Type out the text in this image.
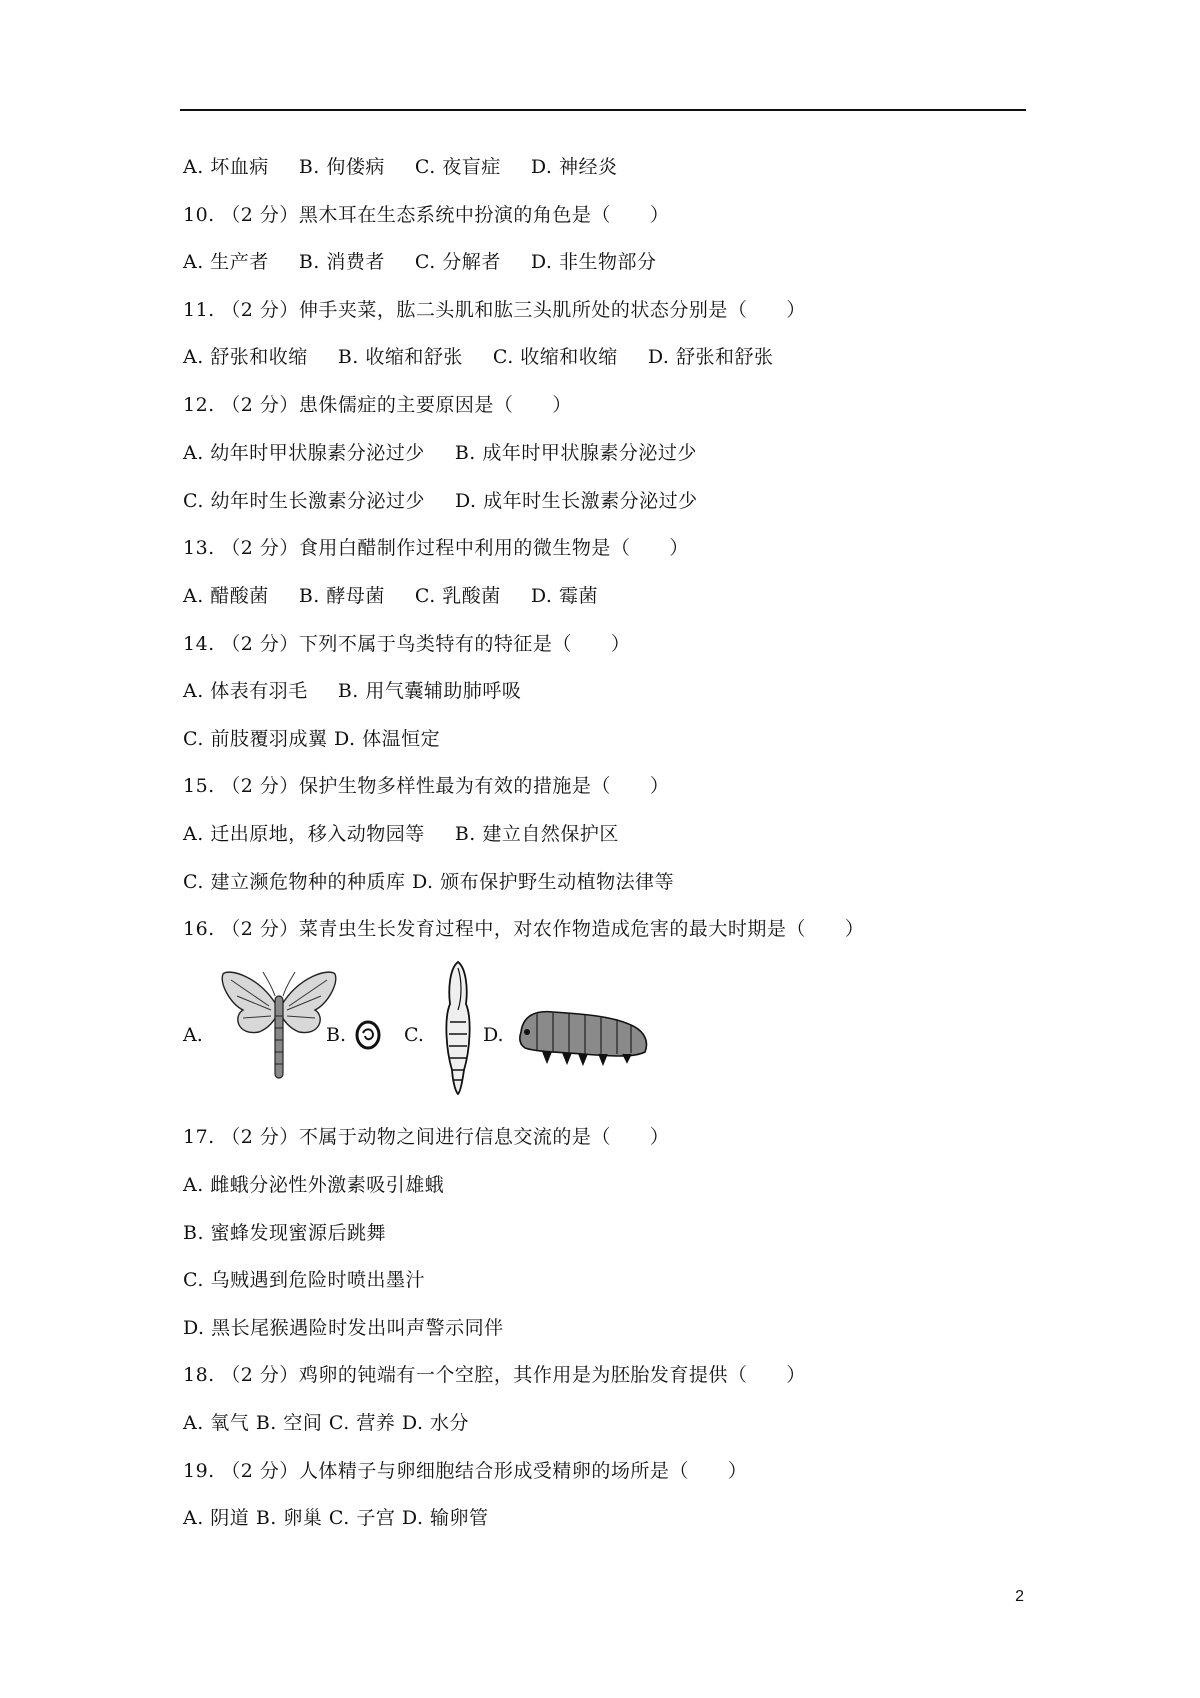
A. 坏血病 B. 佝偻病 C. 夜盲症 D. 神经炎
10. （2 分）黑木耳在生态系统中扮演的角色是（　　）
A. 生产者 B. 消费者 C. 分解者 D. 非生物部分
11. （2 分）伸手夹菜，肱二头肌和肱三头肌所处的状态分别是（　　）
A. 舒张和收缩 B. 收缩和舒张 C. 收缩和收缩 D. 舒张和舒张
12. （2 分）患侏儒症的主要原因是（　　）
A. 幼年时甲状腺素分泌过少 B. 成年时甲状腺素分泌过少
C. 幼年时生长激素分泌过少 D. 成年时生长激素分泌过少
13. （2 分）食用白醋制作过程中利用的微生物是（　　）
A. 醋酸菌 B. 酵母菌 C. 乳酸菌 D. 霉菌
14. （2 分）下列不属于鸟类特有的特征是（　　）
A. 体表有羽毛 B. 用气囊辅助肺呼吸
C. 前肢覆羽成翼 D. 体温恒定
15. （2 分）保护生物多样性最为有效的措施是（　　）
A. 迁出原地，移入动物园等 B. 建立自然保护区
C. 建立濒危物种的种质库 D. 颁布保护野生动植物法律等
16. （2 分）菜青虫生长发育过程中，对农作物造成危害的最大时期是（　　）
17. （2 分）不属于动物之间进行信息交流的是（　　）
A. 雌蛾分泌性外激素吸引雄蛾
B. 蜜蜂发现蜜源后跳舞
C. 乌贼遇到危险时喷出墨汁
D. 黑长尾猴遇险时发出叫声警示同伴
18. （2 分）鸡卵的钝端有一个空腔，其作用是为胚胎发育提供（　　）
A. 氧气 B. 空间 C. 营养 D. 水分
19. （2 分）人体精子与卵细胞结合形成受精卵的场所是（　　）
A. 阴道 B. 卵巢 C. 子宫 D. 输卵管
A.	B.	C.	D.
2
